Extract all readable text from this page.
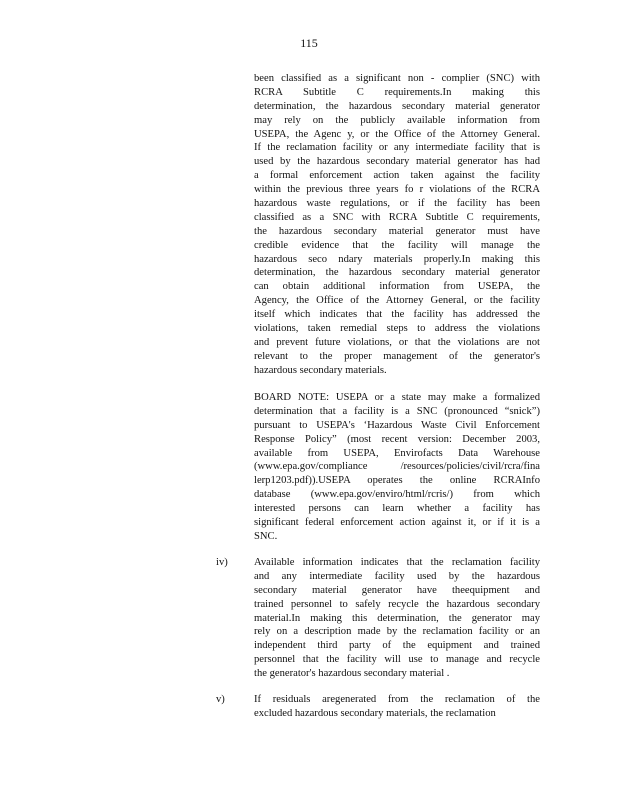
115
been classified as a significant non - complier (SNC) with
RCRA Subtitle C requirements.In making this
determination, the hazardous secondary material generator
may rely on the publicly available information from
USEPA, the Agenc y, or the Office of the Attorney General.
If the reclamation facility or any intermediate facility that is
used by the hazardous secondary material generator has had
a formal enforcement action taken against the facility
within the previous three years fo r violations of the RCRA
hazardous waste regulations, or if the facility has been
classified as a SNC with RCRA Subtitle C requirements,
the hazardous secondary material generator must have
credible evidence that the facility will manage the
hazardous seco ndary materials properly.In making this
determination, the hazardous secondary material generator
can obtain additional information from USEPA, the
Agency, the Office of the Attorney General, or the facility
itself which indicates that the facility has addressed the
violations, taken remedial steps to address the violations
and prevent future violations, or that the violations are not
relevant to the proper management of the generator's
hazardous secondary materials.
BOARD NOTE: USEPA or a state may make a formalized
determination that a facility is a SNC (pronounced “snick”)
pursuant to USEPA's ‘Hazardous Waste Civil Enforcement
Response Policy” (most recent version: December 2003,
available from USEPA, Envirofacts Data Warehouse
(www.epa.gov/compliance /resources/policies/civil/rcra/fina
lerp1203.pdf)).USEPA operates the online RCRAInfo
database (www.epa.gov/enviro/html/rcris/) from which
interested persons can learn whether a facility has
significant federal enforcement action against it, or if it is a
SNC.
iv) Available information indicates that the reclamation facility
and any intermediate facility used by the hazardous
secondary material generator have theequipment and
trained personnel to safely recycle the hazardous secondary
material.In making this determination, the generator may
rely on a description made by the reclamation facility or an
independent third party of the equipment and trained
personnel that the facility will use to manage and recycle
the generator's hazardous secondary material .
v)	If residuals aregenerated from the reclamation of the
excluded hazardous secondary materials, the reclamation
